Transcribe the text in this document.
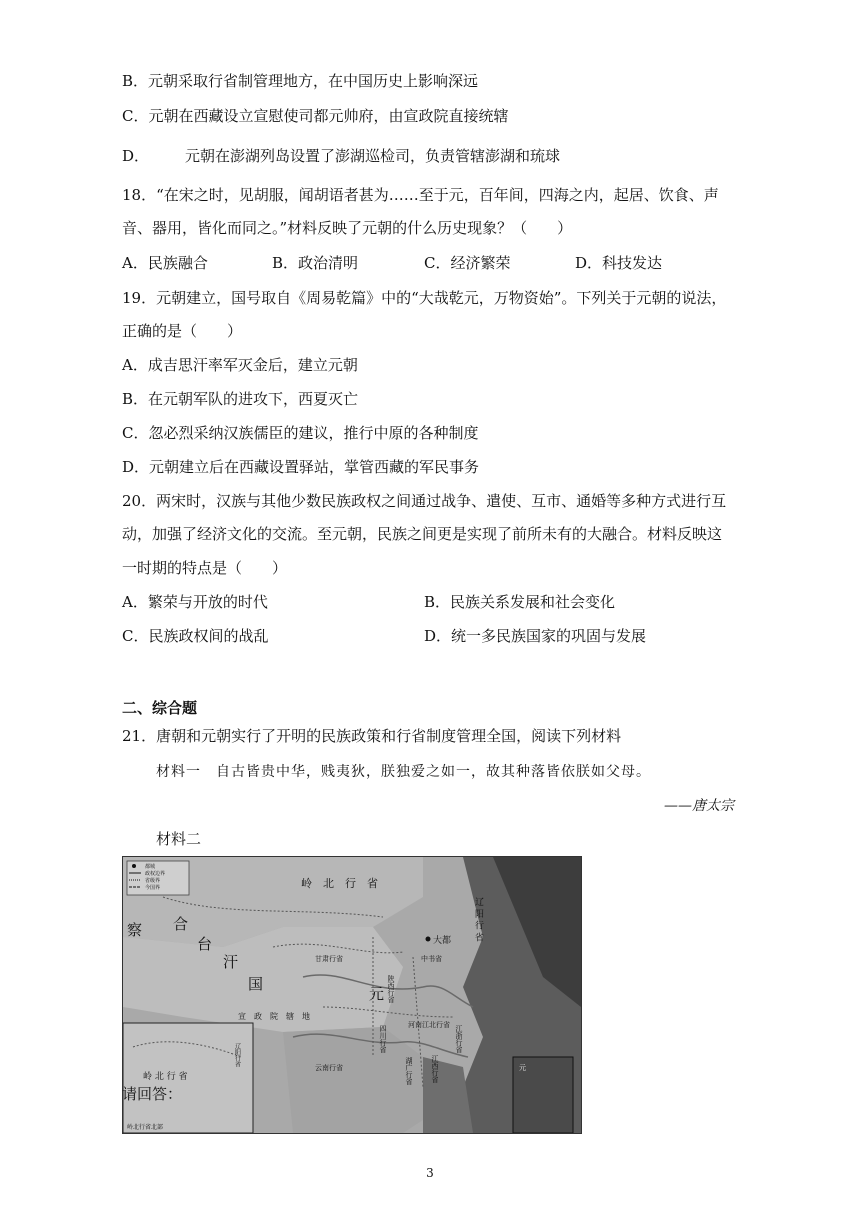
B．元朝采取行省制管理地方，在中国历史上影响深远
C．元朝在西藏设立宣慰使司都元帅府，由宣政院直接统辖
D． 元朝在澎湖列岛设置了澎湖巡检司，负责管辖澎湖和琉球
18．“在宋之时，见胡服，闻胡语者甚为……至于元，百年间，四海之内，起居、饮食、声
音、器用，皆化而同之。”材料反映了元朝的什么历史现象？（　　）
A．民族融合	B．政治清明	C．经济繁荣	D．科技发达
19．元朝建立，国号取自《周易乾篇》中的“大哉乾元，万物资始”。下列关于元朝的说法，
正确的是（　　）
A．成吉思汗率军灭金后，建立元朝
B．在元朝军队的进攻下，西夏灭亡
C．忽必烈采纳汉族儒臣的建议，推行中原的各种制度
D．元朝建立后在西藏设置驿站，掌管西藏的军民事务
20．两宋时，汉族与其他少数民族政权之间通过战争、遣使、互市、通婚等多种方式进行互
动，加强了经济文化的交流。至元朝，民族之间更是实现了前所未有的大融合。材料反映这
一时期的特点是（　　）
A．繁荣与开放的时代	B．民族关系发展和社会变化
C．民族政权间的战乱	D．统一多民族国家的巩固与发展
二、综合题
21．唐朝和元朝实行了开明的民族政策和行省制度管理全国，阅读下列材料
材料一　自古皆贵中华，贱夷狄，朕独爱之如一，故其种落皆依朕如父母。
——唐太宗
材料二
都城
政权边界
省级界
今国界	岭　北　行　省
辽 阳 行 省
察 合
台
汗
国
元
甘肃行省	中书省
大都
陕西行省
河南江北行省
四川行省
宣　政　院　辖　地
云南行省	湖广行省	江西行省
江浙行省
岭 北 行 省
辽阳行省
岭北行省北部
元
请回答：
3
